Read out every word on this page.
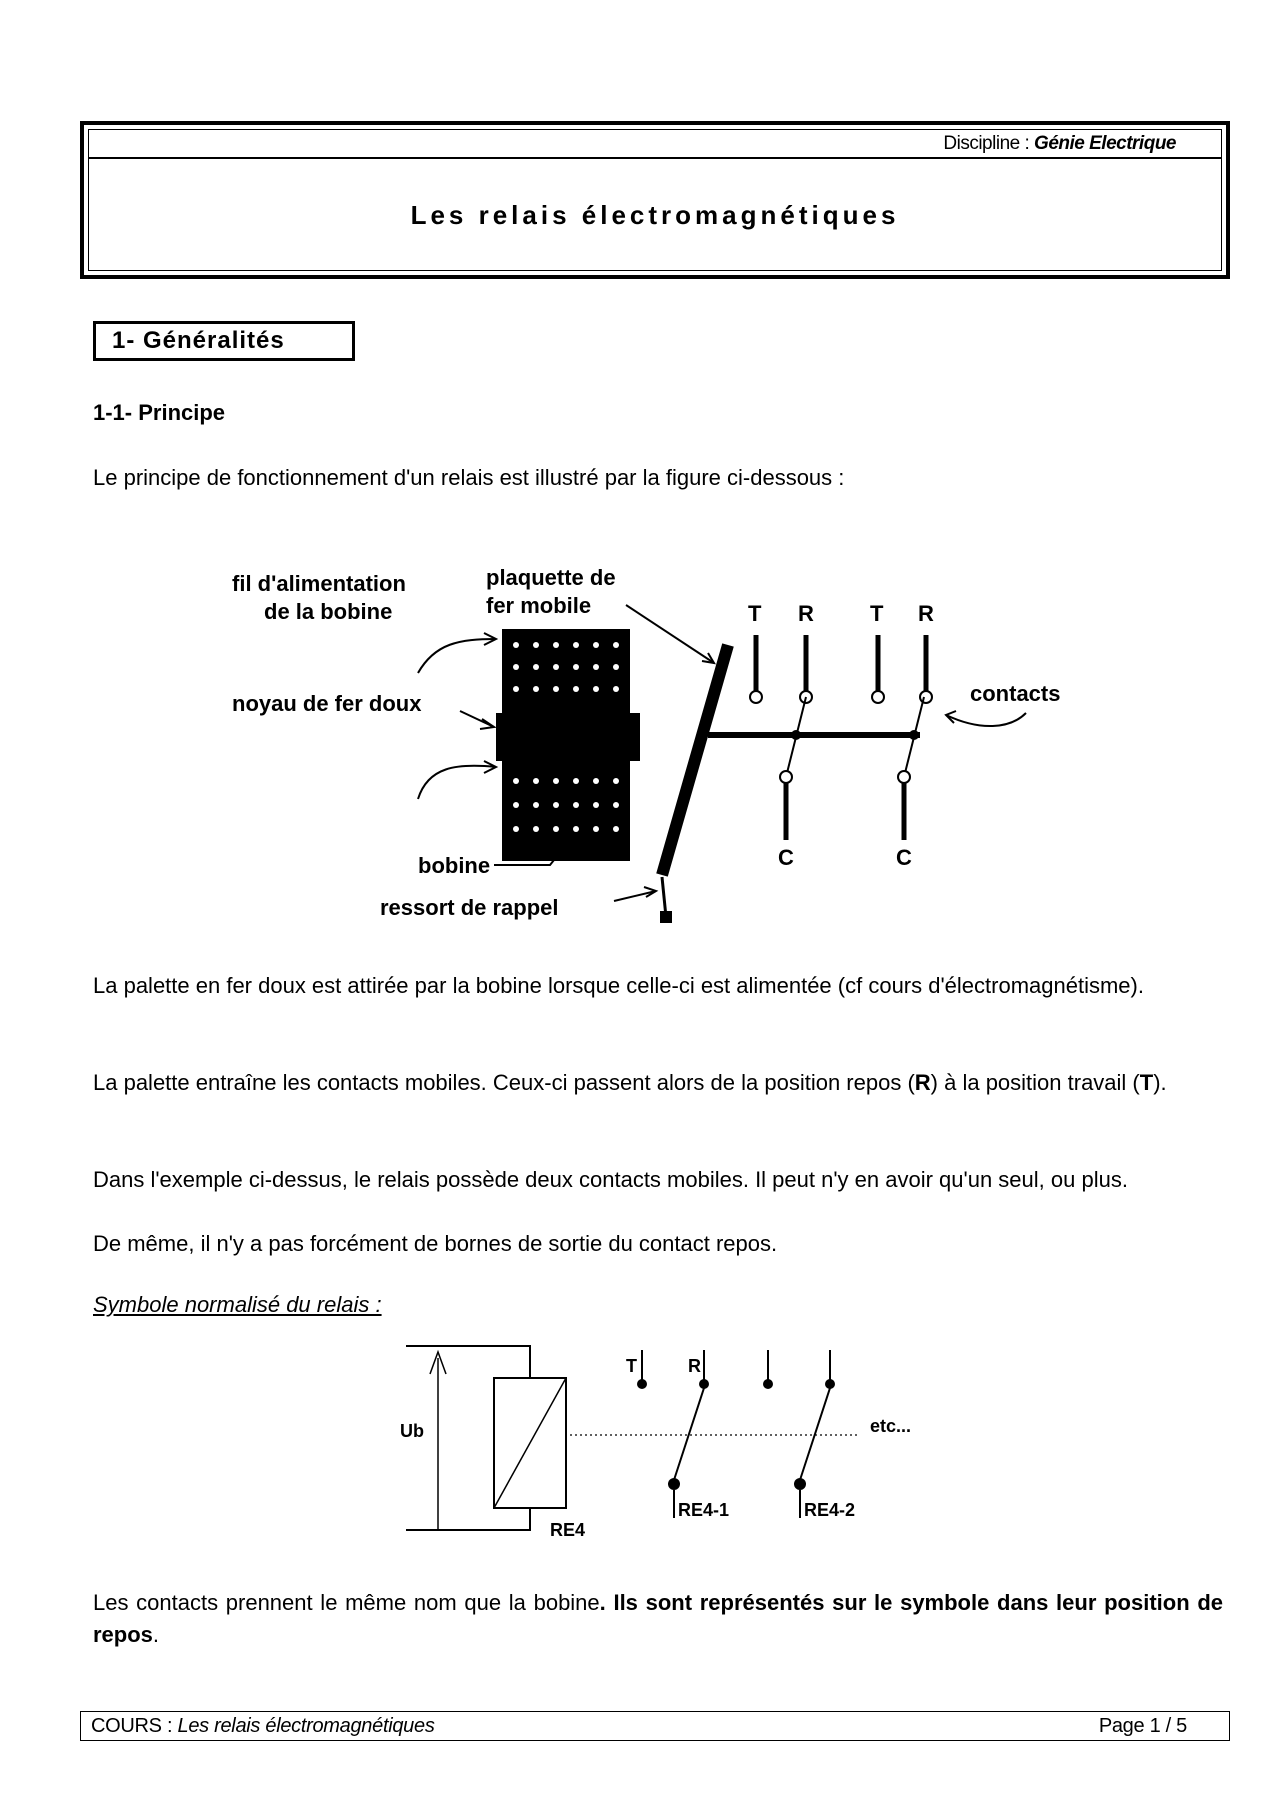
Discipline : Génie Electrique
Les relais électromagnétiques
1- Généralités
1-1- Principe
Le principe de fonctionnement d'un relais est illustré par la figure ci-dessous :
fil d'alimentation
de la bobine
plaquette de
fer mobile
noyau de fer doux
bobine
ressort de rappel
contacts
T R	T R
C	C
La palette en fer doux est attirée par la bobine lorsque celle-ci est alimentée (cf cours d'électromagnétisme).
La palette entraîne les contacts mobiles. Ceux-ci passent alors de la position repos (R) à la position travail (T).
Dans l'exemple ci-dessus, le relais possède deux contacts mobiles. Il peut n'y en avoir qu'un seul, ou plus.
De même, il n'y a pas forcément de bornes de sortie du contact repos.
Symbole normalisé du relais :
Ub
RE4
T	R
etc...
RE4-1	RE4-2
Les contacts prennent le même nom que la bobine. Ils sont représentés sur le symbole dans leur position de repos.
COURS : Les relais électromagnétiques	Page 1 / 5
